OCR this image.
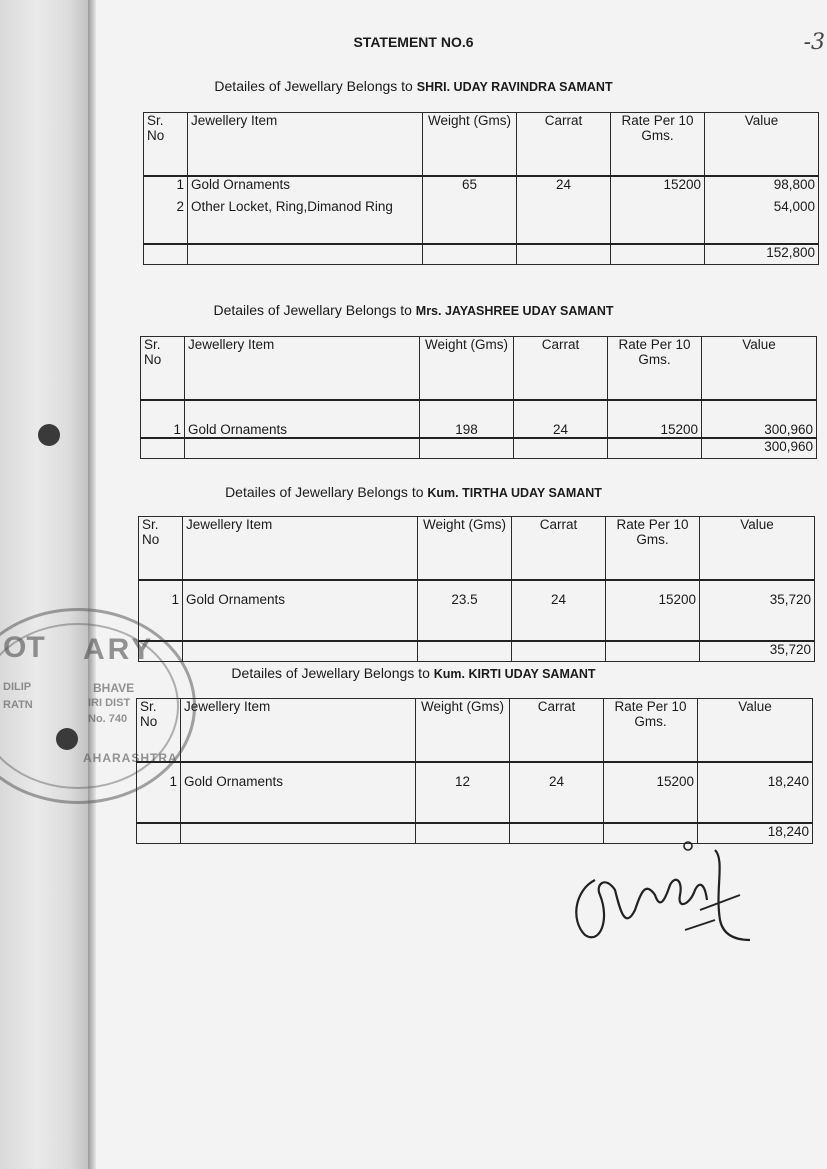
-3
STATEMENT NO.6
OT
DILIP
RATN
ARY
BHAVE
IRI DIST
No. 740
AHARASHTRA
Detailes of Jewellary Belongs to SHRI. UDAY RAVINDRA SAMANT
Sr. No	Jewellery Item	Weight (Gms)	Carrat	Rate Per 10 Gms.	Value
1	Gold Ornaments	65	24	15200	98,800
2	Other Locket, Ring,Dimanod Ring				54,000

					152,800
Detailes of Jewellary Belongs to Mrs. JAYASHREE UDAY SAMANT
Sr. No	Jewellery Item	Weight (Gms)	Carrat	Rate Per 10 Gms.	Value
1	Gold Ornaments	198	24	15200	300,960
					300,960
Detailes of Jewellary Belongs to Kum. TIRTHA UDAY SAMANT
Sr. No	Jewellery Item	Weight (Gms)	Carrat	Rate Per 10 Gms.	Value
1	Gold Ornaments	23.5	24	15200	35,720

					35,720
Detailes of Jewellary Belongs to Kum. KIRTI UDAY SAMANT
Sr. No	Jewellery Item	Weight (Gms)	Carrat	Rate Per 10 Gms.	Value
1	Gold Ornaments	12	24	15200	18,240

					18,240
